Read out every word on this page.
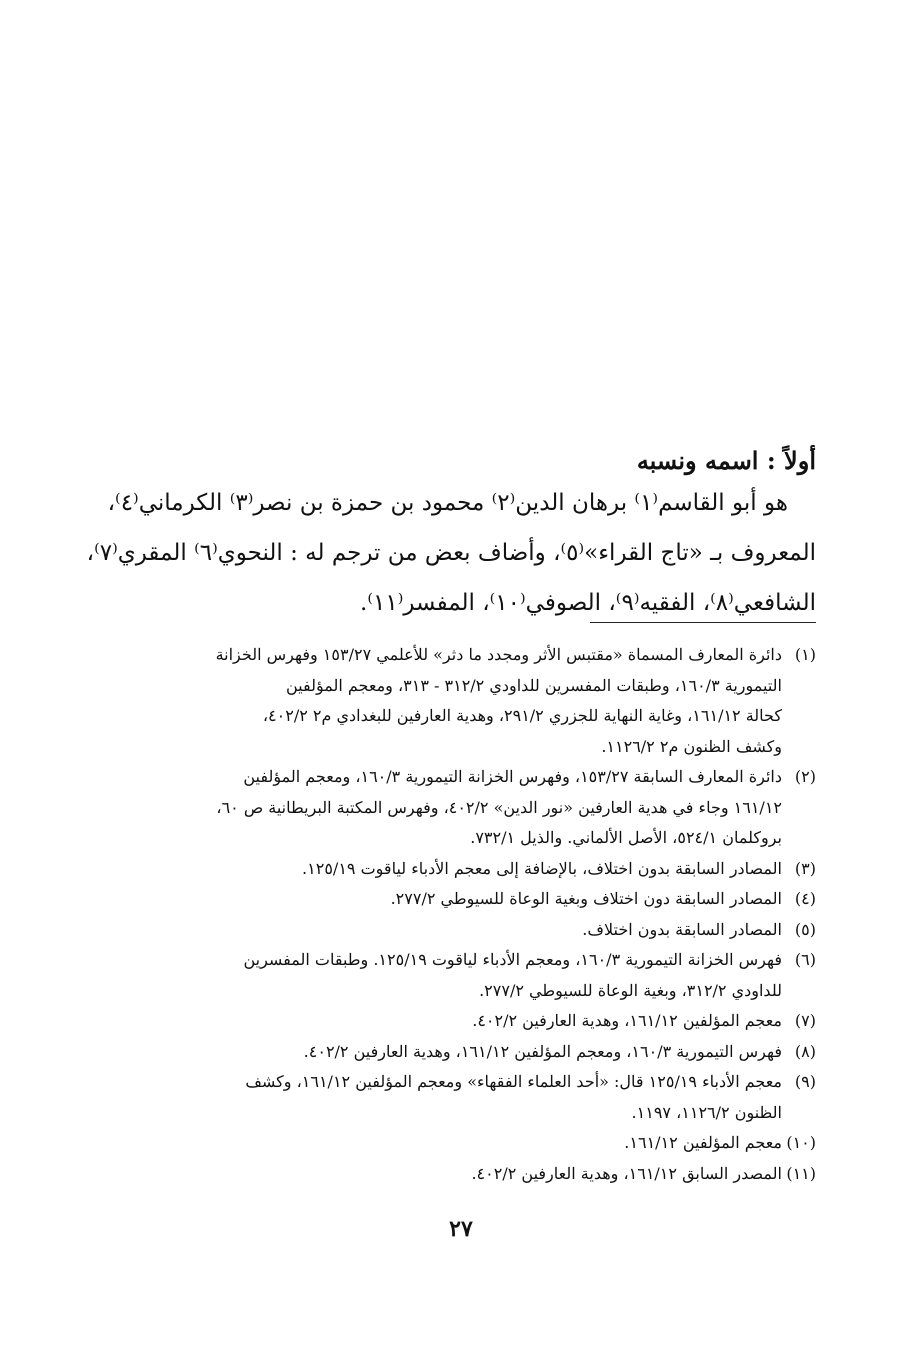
أولاً : اسمه ونسبه
هو أبو القاسم⁽١⁾ برهان الدين⁽٢⁾ محمود بن حمزة بن نصر⁽٣⁾ الكرماني⁽٤⁾،
المعروف بـ «تاج القراء»⁽٥⁾، وأضاف بعض من ترجم له : النحوي⁽٦⁾ المقري⁽٧⁾،
الشافعي⁽٨⁾، الفقيه⁽٩⁾، الصوفي⁽١٠⁾، المفسر⁽١١⁾.
(١)
دائرة المعارف المسماة «مقتبس الأثر ومجدد ما دثر» للأعلمي ١٥٣/٢٧ وفهرس الخزانة
التيمورية ١٦٠/٣، وطبقات المفسرين للداودي ٣١٢/٢ - ٣١٣، ومعجم المؤلفين
كحالة ١٦١/١٢، وغاية النهاية للجزري ٢٩١/٢، وهدية العارفين للبغدادي م٢ ٤٠٢/٢،
وكشف الظنون م٢ ١١٢٦/٢.
(٢)
دائرة المعارف السابقة ١٥٣/٢٧، وفهرس الخزانة التيمورية ١٦٠/٣، ومعجم المؤلفين
١٦١/١٢ وجاء في هدية العارفين «نور الدين» ٤٠٢/٢، وفهرس المكتبة البريطانية ص ٦٠،
بروكلمان ٥٢٤/١، الأصل الألماني. والذيل ٧٣٢/١.
(٣)
المصادر السابقة بدون اختلاف، بالإضافة إلى معجم الأدباء لياقوت ١٢٥/١٩.
(٤)
المصادر السابقة دون اختلاف وبغية الوعاة للسيوطي ٢٧٧/٢.
(٥)
المصادر السابقة بدون اختلاف.
(٦)
فهرس الخزانة التيمورية ١٦٠/٣، ومعجم الأدباء لياقوت ١٢٥/١٩. وطبقات المفسرين
للداودي ٣١٢/٢، وبغية الوعاة للسيوطي ٢٧٧/٢.
(٧)
معجم المؤلفين ١٦١/١٢، وهدية العارفين ٤٠٢/٢.
(٨)
فهرس التيمورية ١٦٠/٣، ومعجم المؤلفين ١٦١/١٢، وهدية العارفين ٤٠٢/٢.
(٩)
معجم الأدباء ١٢٥/١٩ قال: «أحد العلماء الفقهاء» ومعجم المؤلفين ١٦١/١٢، وكشف
الظنون ١١٢٦/٢، ١١٩٧.
(١٠)
معجم المؤلفين ١٦١/١٢.
(١١)
المصدر السابق ١٦١/١٢، وهدية العارفين ٤٠٢/٢.
٢٧
